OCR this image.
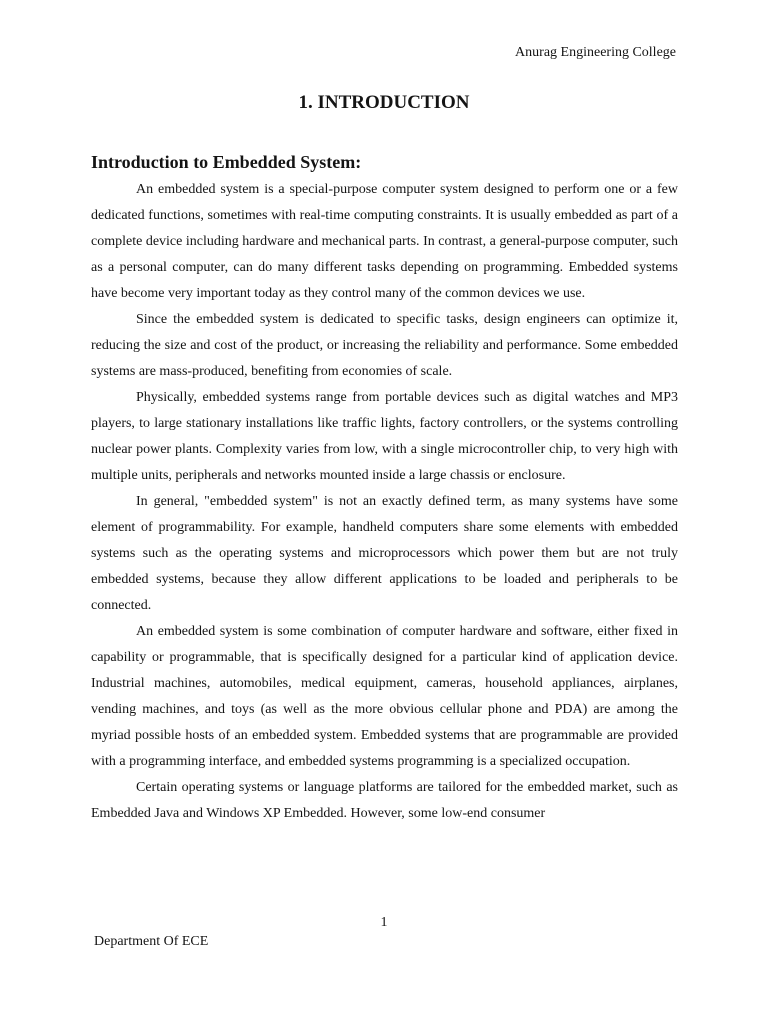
Anurag Engineering College
1. INTRODUCTION
Introduction to Embedded System:

An embedded system is a special-purpose computer system designed to perform one or a few dedicated functions, sometimes with real-time computing constraints. It is usually embedded as part of a complete device including hardware and mechanical parts. In contrast, a general-purpose computer, such as a personal computer, can do many different tasks depending on programming. Embedded systems have become very important today as they control many of the common devices we use.

Since the embedded system is dedicated to specific tasks, design engineers can optimize it, reducing the size and cost of the product, or increasing the reliability and performance. Some embedded systems are mass-produced, benefiting from economies of scale.

Physically, embedded systems range from portable devices such as digital watches and MP3 players, to large stationary installations like traffic lights, factory controllers, or the systems controlling nuclear power plants. Complexity varies from low, with a single microcontroller chip, to very high with multiple units, peripherals and networks mounted inside a large chassis or enclosure.

In general, "embedded system" is not an exactly defined term, as many systems have some element of programmability. For example, handheld computers share some elements with embedded systems such as the operating systems and microprocessors which power them but are not truly embedded systems, because they allow different applications to be loaded and peripherals to be connected.

An embedded system is some combination of computer hardware and software, either fixed in capability or programmable, that is specifically designed for a particular kind of application device. Industrial machines, automobiles, medical equipment, cameras, household appliances, airplanes, vending machines, and toys (as well as the more obvious cellular phone and PDA) are among the myriad possible hosts of an embedded system. Embedded systems that are programmable are provided with a programming interface, and embedded systems programming is a specialized occupation.

Certain operating systems or language platforms are tailored for the embedded market, such as Embedded Java and Windows XP Embedded. However, some low-end consumer

1
Department Of ECE
